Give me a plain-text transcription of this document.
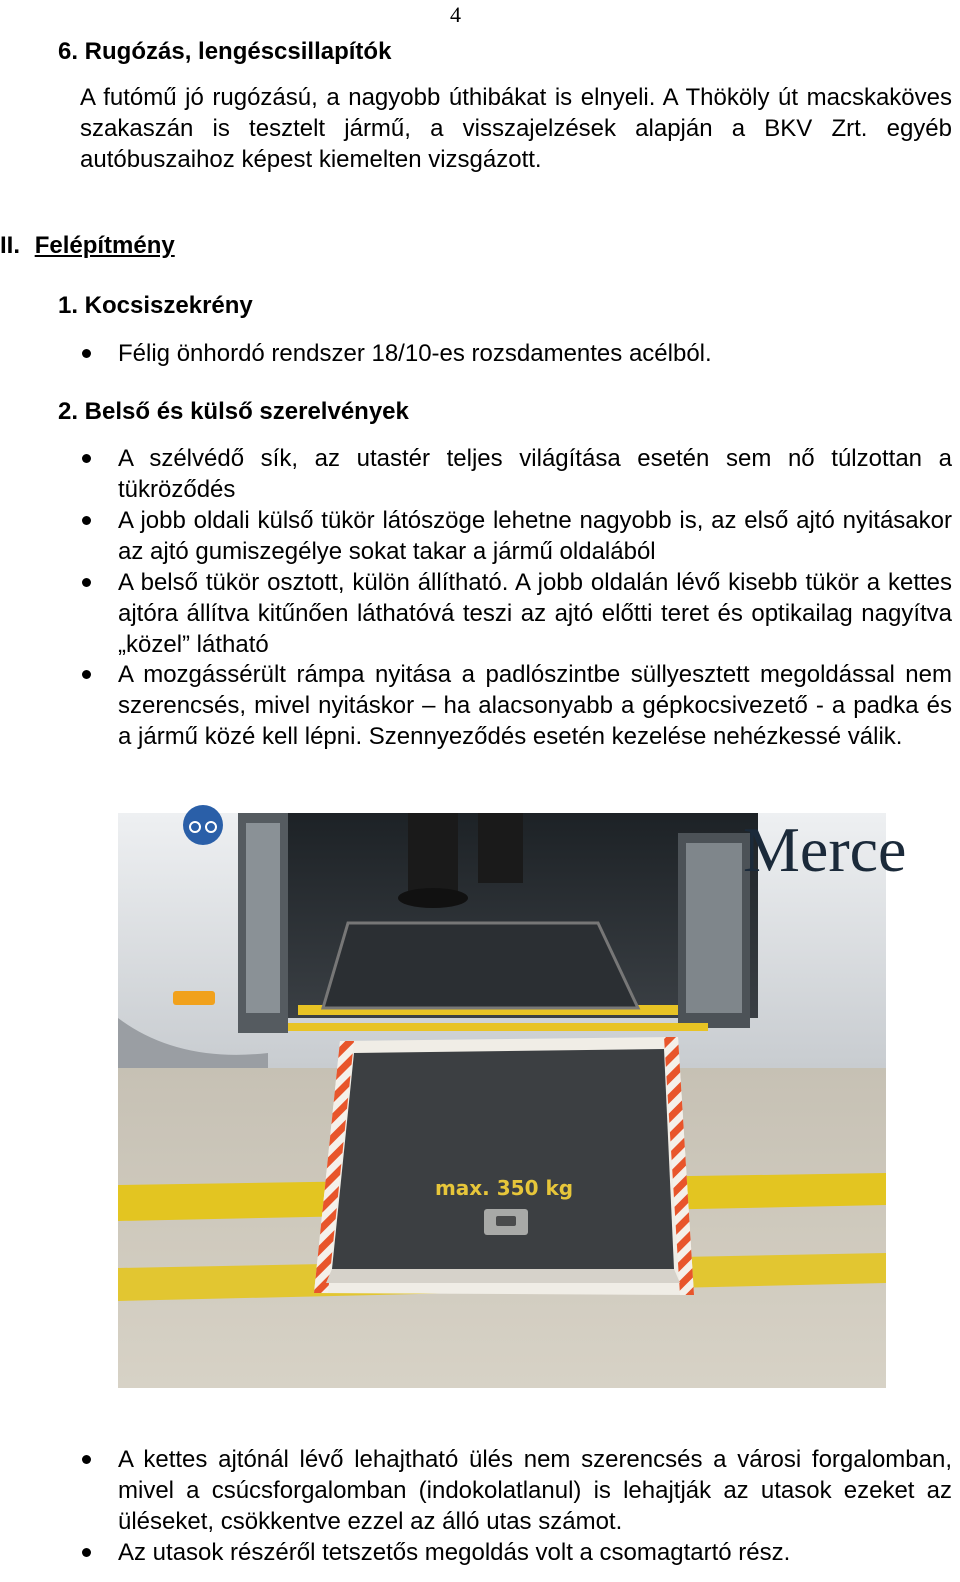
4
6. Rugózás, lengéscsillapítók
A futómű jó rugózású, a nagyobb úthibákat is elnyeli. A Thököly út macskaköves szakaszán is tesztelt jármű, a visszajelzések alapján a BKV Zrt. egyéb autóbuszaihoz képest kiemelten vizsgázott.
II. Felépítmény
1. Kocsiszekrény
Félig önhordó rendszer 18/10-es rozsdamentes acélból.
2. Belső és külső szerelvények
A szélvédő sík, az utastér teljes világítása esetén sem nő túlzottan a tükröződés
A jobb oldali külső tükör látószöge lehetne nagyobb is, az első ajtó nyitásakor az ajtó gumiszegélye sokat takar a jármű oldalából
A belső tükör osztott, külön állítható. A jobb oldalán lévő kisebb tükör a kettes ajtóra állítva kitűnően láthatóvá teszi az ajtó előtti teret és optikailag nagyítva „közel” látható
A mozgássérült rámpa nyitása a padlószintbe süllyesztett megoldással nem szerencsés, mivel nyitáskor – ha alacsonyabb a gépkocsivezető - a padka és a jármű közé kell lépni. Szennyeződés esetén kezelése nehézkessé válik.
Merce
max. 350 kg
A kettes ajtónál lévő lehajtható ülés nem szerencsés a városi forgalomban, mivel a csúcsforgalomban (indokolatlanul) is lehajtják az utasok ezeket az üléseket, csökkentve ezzel az álló utas számot.
Az utasok részéről tetszetős megoldás volt a csomagtartó rész.
